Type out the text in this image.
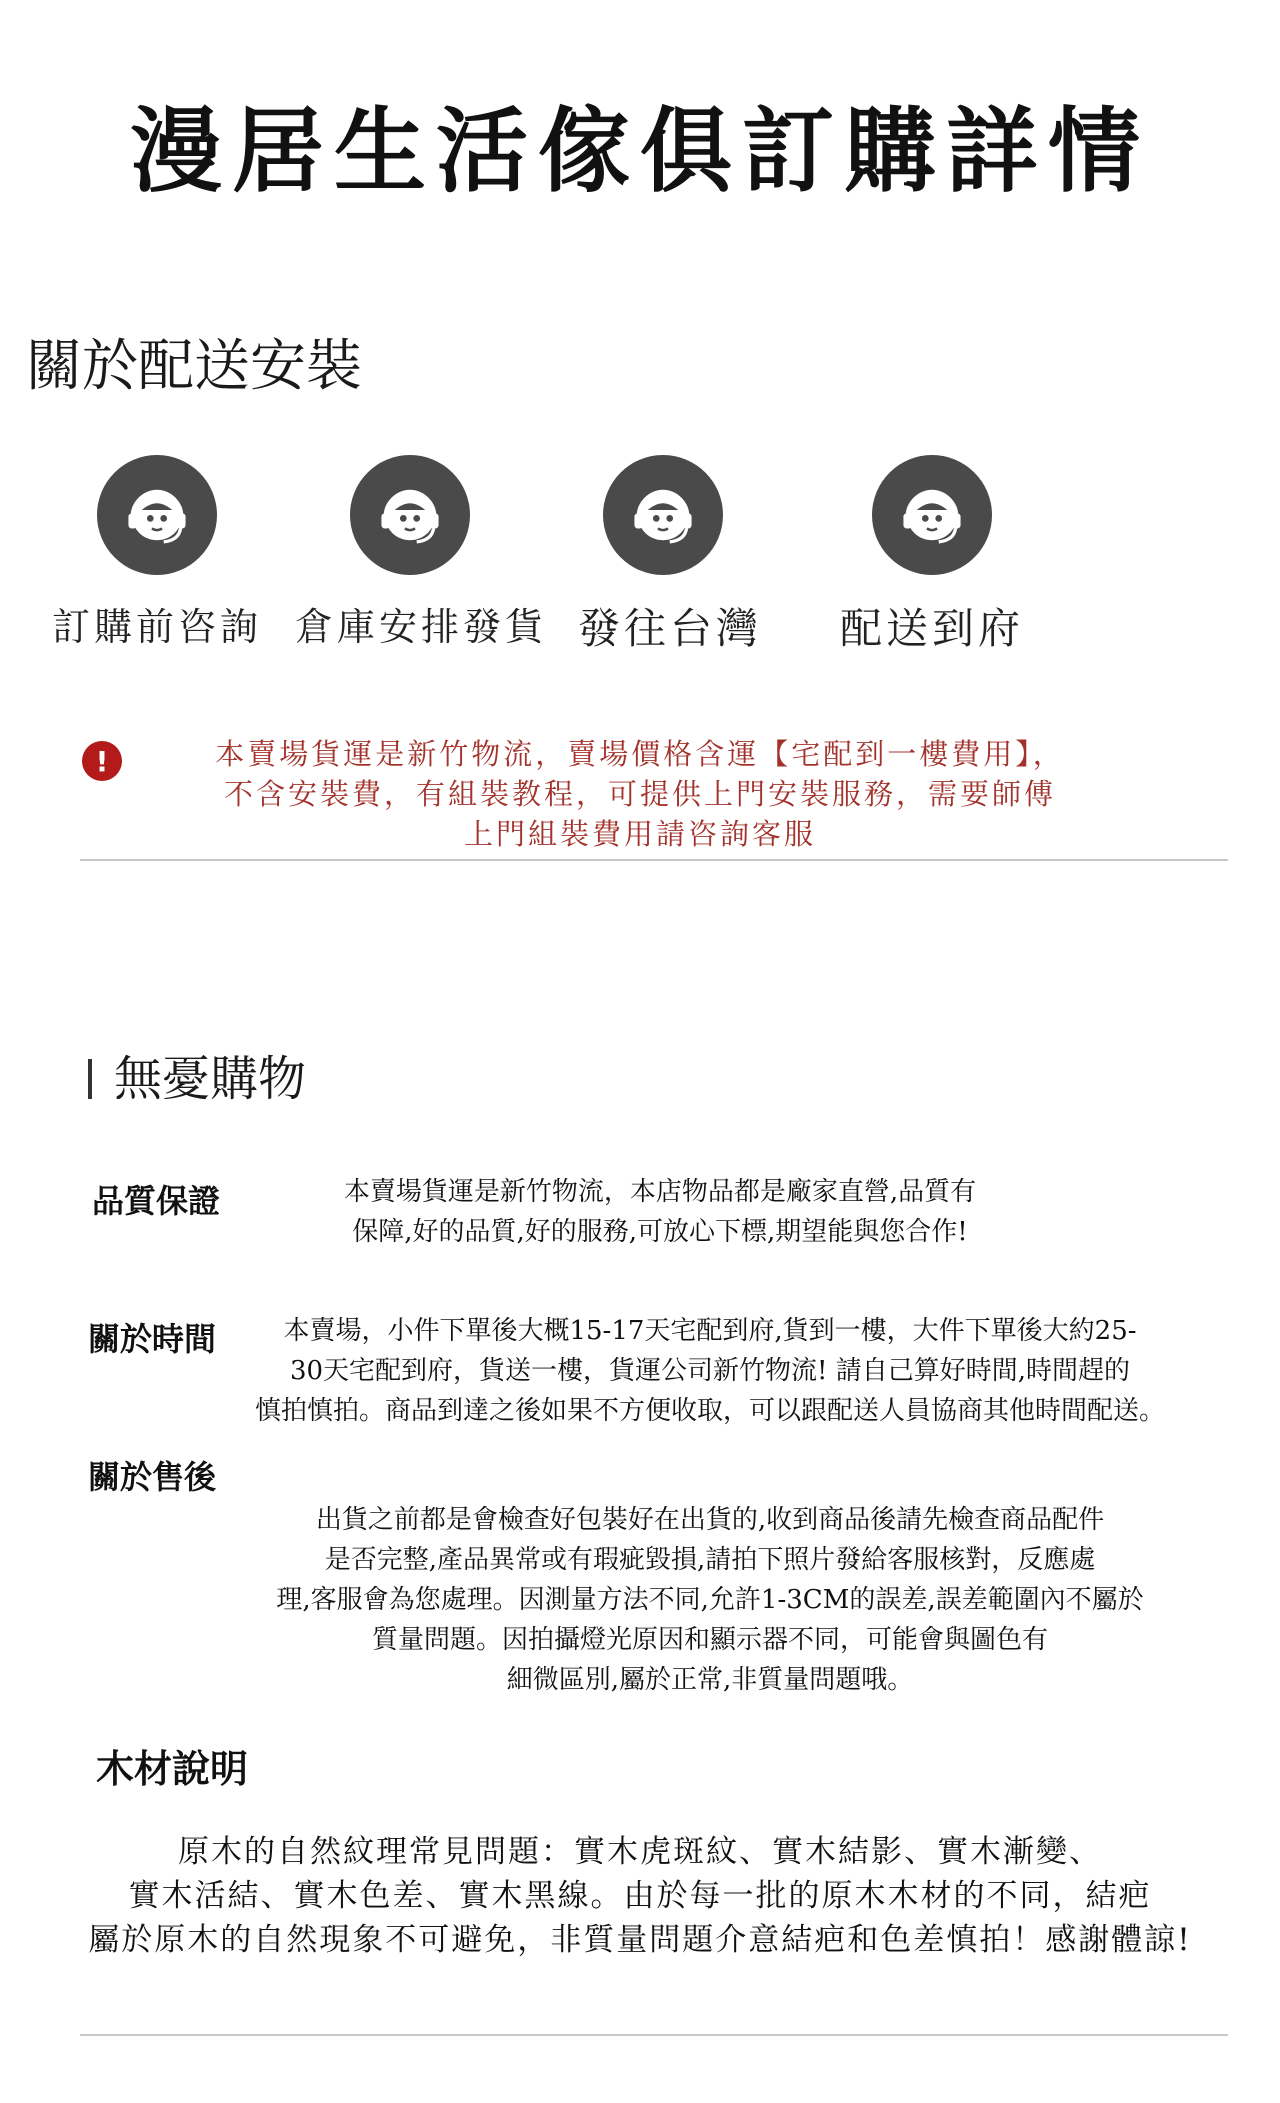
漫居生活傢俱訂購詳情
關於配送安裝
訂購前咨詢 倉庫安排發貨 發往台灣 配送到府
!	本賣場貨運是新竹物流，賣場價格含運【宅配到一樓費用】，
不含安裝費，有組裝教程，可提供上門安裝服務，需要師傅
上門組裝費用請咨詢客服
無憂購物
品質保證	本賣場貨運是新竹物流，本店物品都是廠家直營,品質有
保障,好的品質,好的服務,可放心下標,期望能與您合作!
關於時間	本賣場，小件下單後大概15-17天宅配到府,貨到一樓，大件下單後大約25-
30天宅配到府，貨送一樓，貨運公司新竹物流! 請自己算好時間,時間趕的
慎拍慎拍。商品到達之後如果不方便收取，可以跟配送人員協商其他時間配送。
關於售後
出貨之前都是會檢查好包裝好在出貨的,收到商品後請先檢查商品配件
是否完整,產品異常或有瑕疵毀損,請拍下照片發給客服核對，反應處
理,客服會為您處理。因測量方法不同,允許1-3CM的誤差,誤差範圍內不屬於
質量問題。因拍攝燈光原因和顯示器不同，可能會與圖色有
細微區別,屬於正常,非質量問題哦。
木材說明
原木的自然紋理常見問題：實木虎斑紋、實木結影、實木漸變、
實木活結、實木色差、實木黑線。由於每一批的原木木材的不同，結疤
屬於原木的自然現象不可避免，非質量問題介意結疤和色差慎拍！感謝體諒!
